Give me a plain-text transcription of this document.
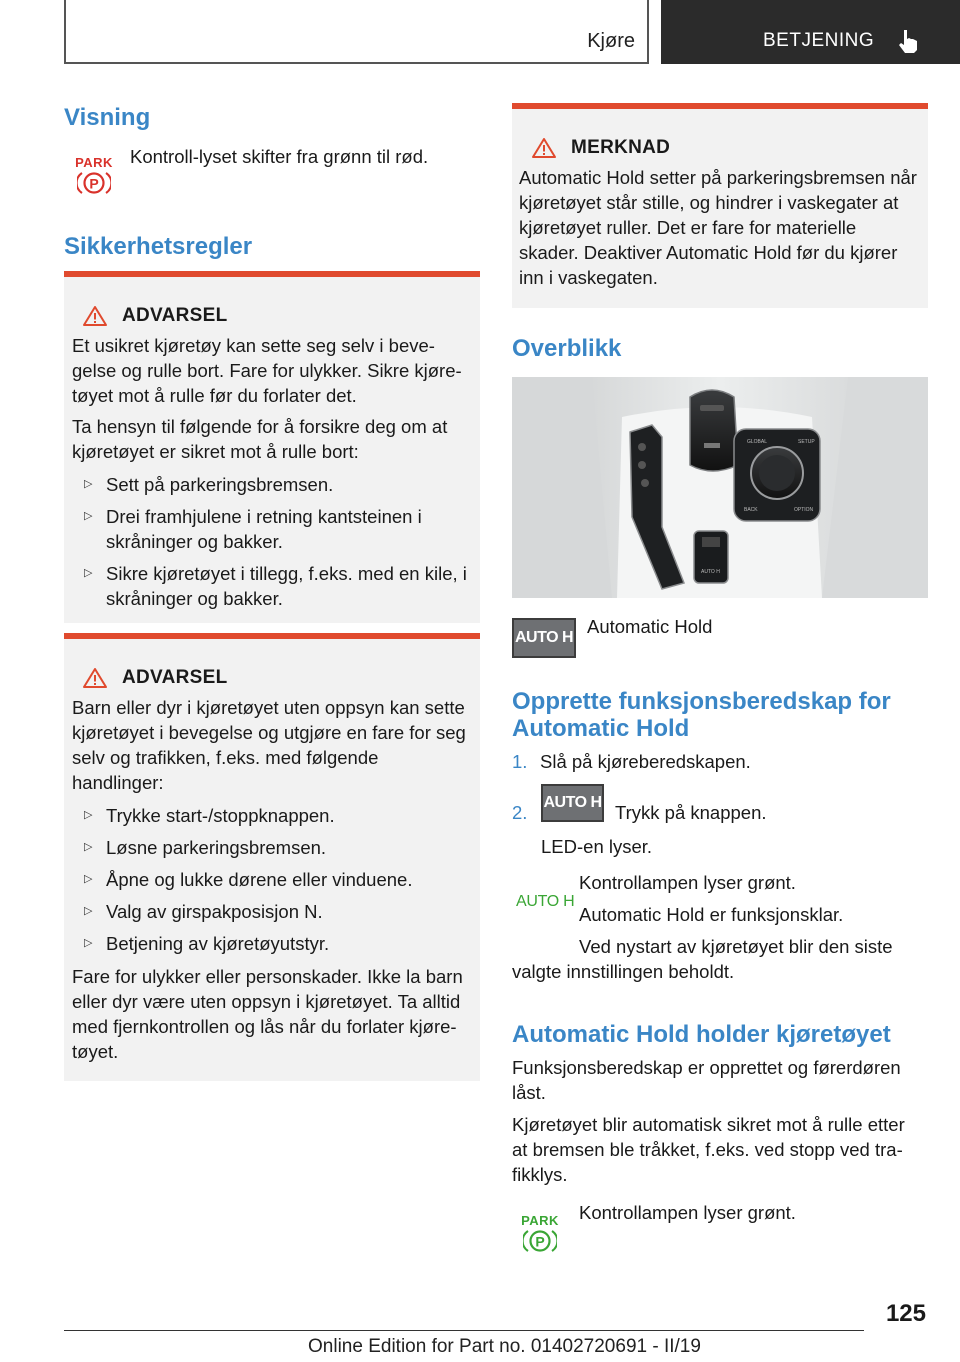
Kjøre	BETJENING
Visning
PARK
P
Kontroll-lyset skifter fra grønn til rød.
Sikkerhetsregler
ADVARSEL
Et usikret kjøretøy kan sette seg selv i bevegelse og rulle bort. Fare for ulykker. Sikre kjøretøyet mot å rulle før du forlater det.
Ta hensyn til følgende for å forsikre deg om at kjøretøyet er sikret mot å rulle bort:
▷ Sett på parkeringsbremsen.
▷ Drei framhjulene i retning kantsteinen i skråninger og bakker.
▷ Sikre kjøretøyet i tillegg, f.eks. med en kile, i skråninger og bakker.
ADVARSEL
Barn eller dyr i kjøretøyet uten oppsyn kan sette kjøretøyet i bevegelse og utgjøre en fare for seg selv og trafikken, f.eks. med følgende handlinger:
▷ Trykke start-/stoppknappen.
▷ Løsne parkeringsbremsen.
▷ Åpne og lukke dørene eller vinduene.
▷ Valg av girspakposisjon N.
▷ Betjening av kjøretøyutstyr.
Fare for ulykker eller personskader. Ikke la barn eller dyr være uten oppsyn i kjøretøyet. Ta alltid med fjernkontrollen og lås når du forlater kjøretøyet.
MERKNAD
Automatic Hold setter på parkeringsbremsen når kjøretøyet står stille, og hindrer i vaskegater at kjøretøyet ruller. Det er fare for materielle skader. Deaktiver Automatic Hold før du kjører inn i vaskegaten.
Overblikk
GLOBAL	SETUP
BACK	OPTION
AUTO H
AUTO H
Automatic Hold
Opprette funksjonsberedskap for Automatic Hold
1. Slå på kjøreberedskapen.
2. AUTO H Trykk på knappen.
LED-en lyser.
AUTO H
Kontrollampen lyser grønt.
Automatic Hold er funksjonsklar.
Ved nystart av kjøretøyet blir den siste
valgte innstillingen beholdt.
Automatic Hold holder kjøretøyet
Funksjonsberedskap er opprettet og førerdøren låst.
Kjøretøyet blir automatisk sikret mot å rulle etter at bremsen ble tråkket, f.eks. ved stopp ved trafikklys.
PARK
P
Kontrollampen lyser grønt.
125
Online Edition for Part no. 01402720691 - II/19
